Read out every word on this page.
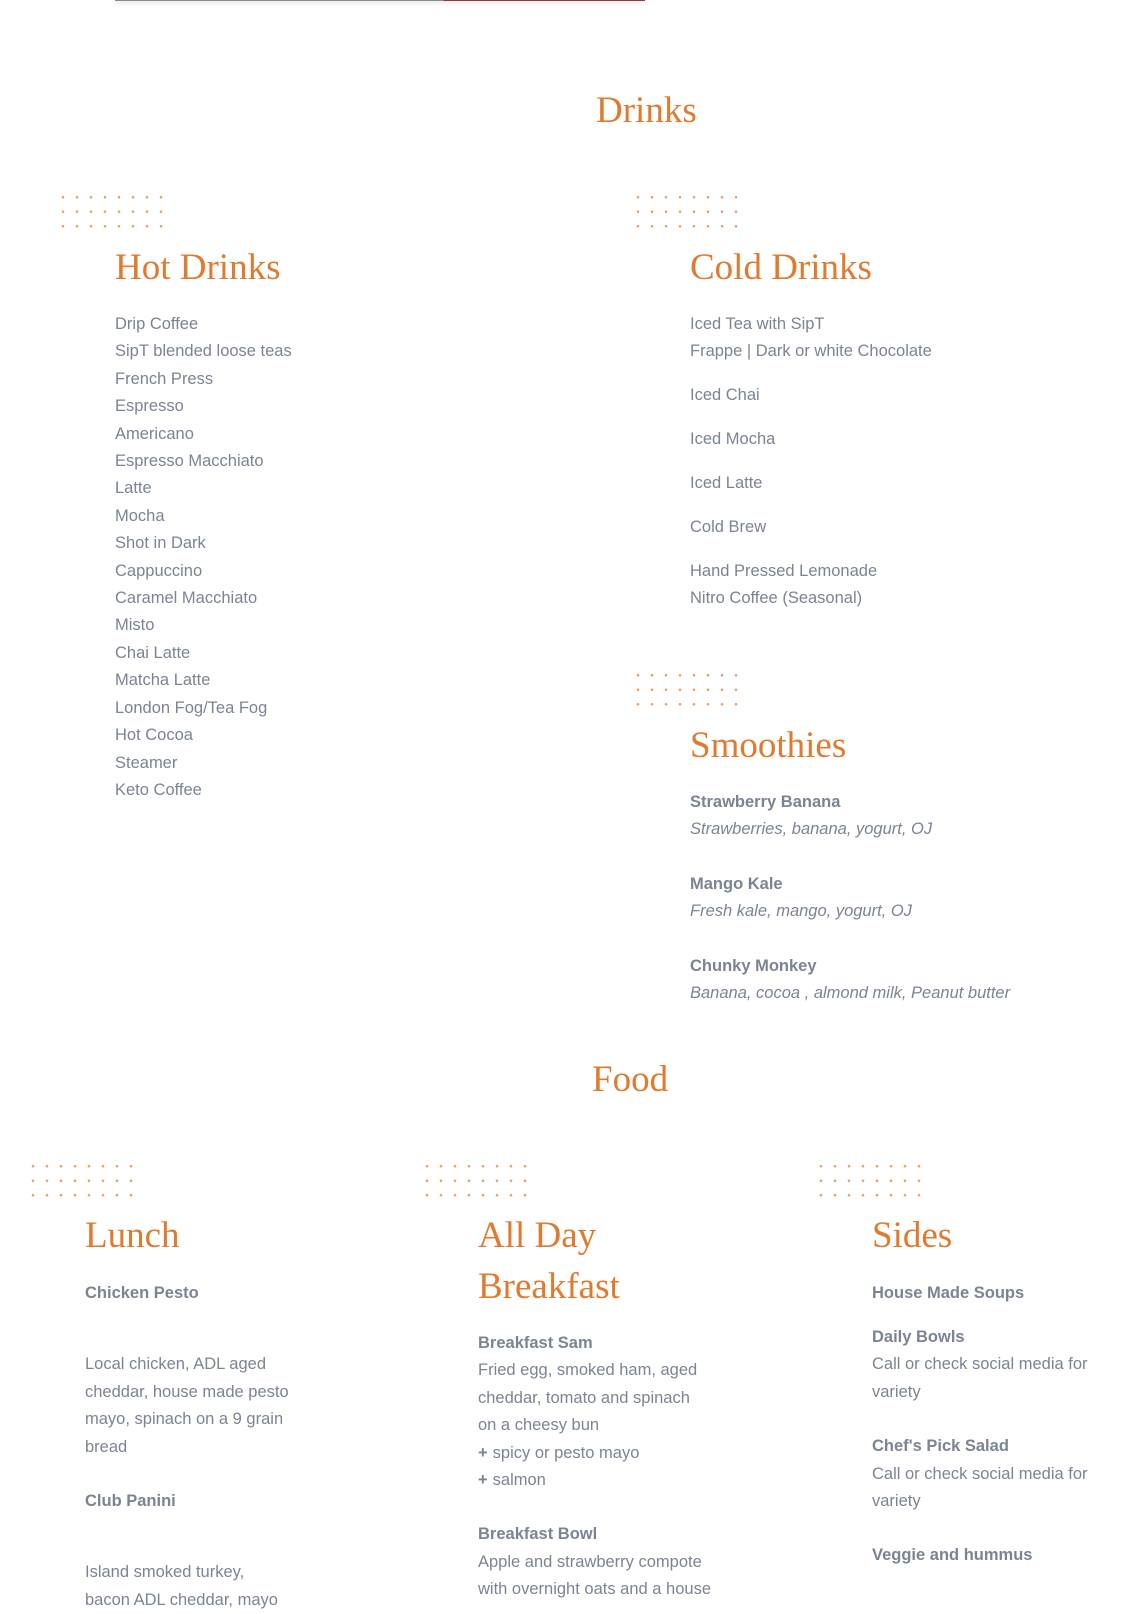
Drinks
Hot Drinks
Drip Coffee
SipT blended loose teas
French Press
Espresso
Americano
Espresso Macchiato
Latte
Mocha
Shot in Dark
Cappuccino
Caramel Macchiato
Misto
Chai Latte
Matcha Latte
London Fog/Tea Fog
Hot Cocoa
Steamer
Keto Coffee
Cold Drinks

Iced Tea with SipT

Frappe | Dark or white Chocolate

Iced Chai

Iced Mocha

Iced Latte

Cold Brew

Hand Pressed Lemonade

Nitro Coffee (Seasonal)

Smoothies

Strawberry Banana

Strawberries, banana, yogurt, OJ

Mango Kale

Fresh kale, mango, yogurt, OJ

Chunky Monkey

Banana, cocoa , almond milk, Peanut butter

Food
Lunch

Chicken Pesto

Local chicken, ADL aged

cheddar, house made pesto

mayo, spinach on a 9 grain

bread

Club Panini

Island smoked turkey,

bacon ADL cheddar, mayo

All Day
Breakfast

Breakfast Sam

Fried egg, smoked ham, aged

cheddar, tomato and spinach

on a cheesy bun

+ spicy or pesto mayo

+ salmon

Breakfast Bowl

Apple and strawberry compote

with overnight oats and a house

Sides

House Made Soups

Daily Bowls

Call or check social media for

variety

Chef's Pick Salad

Call or check social media for

variety

Veggie and hummus
